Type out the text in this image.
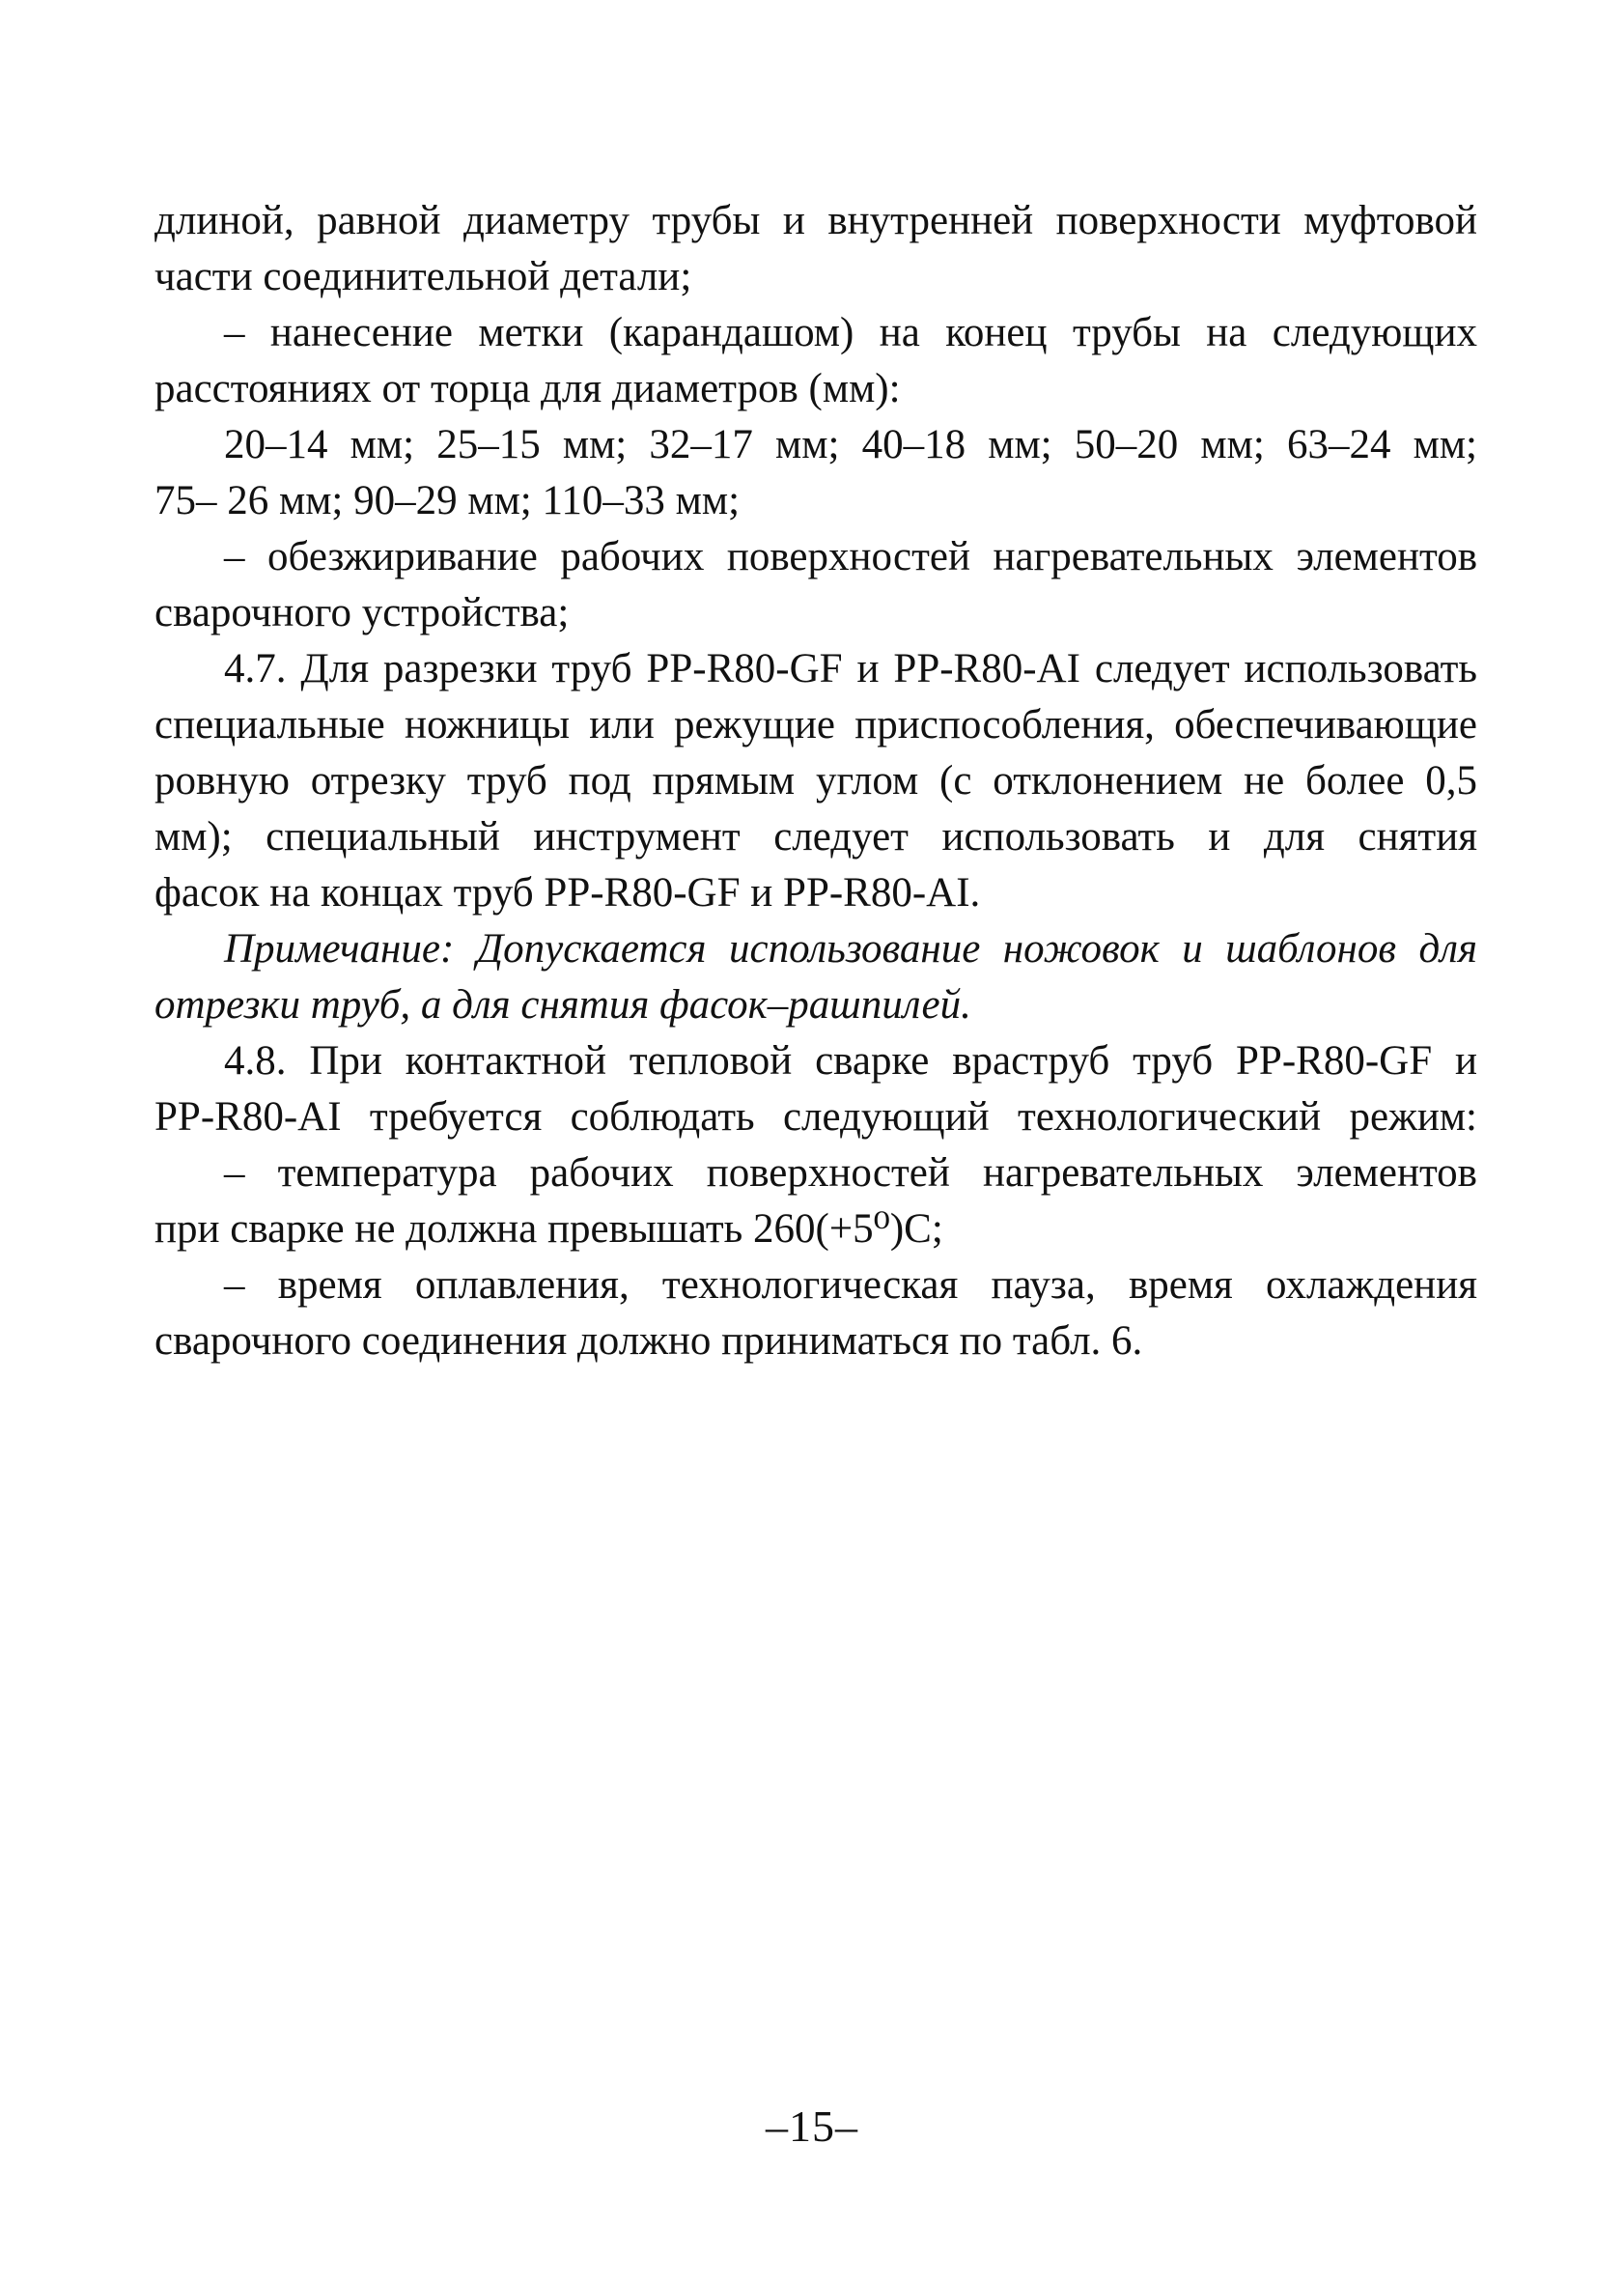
длиной, равной диаметру трубы и внутренней поверхности муфтовой
части соединительной детали;
– нанесение метки (карандашом) на конец трубы на следующих
расстояниях от торца для диаметров (мм):
20–14 мм; 25–15 мм; 32–17 мм; 40–18 мм; 50–20 мм; 63–24 мм;
75– 26 мм; 90–29 мм; 110–33 мм;
– обезжиривание рабочих поверхностей нагревательных элементов
сварочного устройства;
4.7. Для разрезки труб PP-R80-GF и PP-R80-AI следует использовать
специальные ножницы или режущие приспособления, обеспечивающие
ровную отрезку труб под прямым углом (с отклонением не более 0,5
мм); специальный инструмент следует использовать и для снятия
фасок на концах труб PP-R80-GF и PP-R80-AI.
Примечание: Допускается использование ножовок и шаблонов для
отрезки труб, а для снятия фасок–рашпилей.
4.8. При контактной тепловой сварке враструб труб PP-R80-GF и
PP-R80-AI требуется соблюдать следующий технологический режим:
– температура рабочих поверхностей нагревательных элементов
при сварке не должна превышать 260(+5⁰)С;
– время оплавления, технологическая пауза, время охлаждения
сварочного соединения должно приниматься по табл. 6.
–15–
